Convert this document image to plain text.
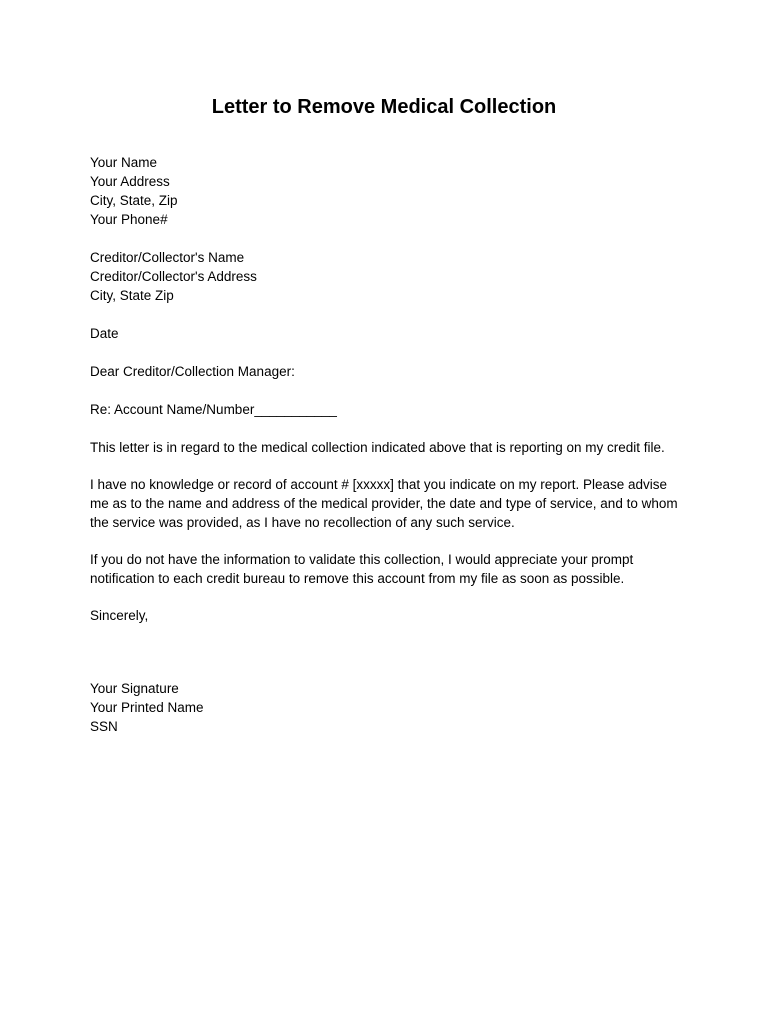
Letter to Remove Medical Collection

Your Name

Your Address

City, State, Zip

Your Phone#

Creditor/Collector's Name

Creditor/Collector's Address

City, State Zip

Date

Dear Creditor/Collection Manager:

Re: Account Name/Number___________

This letter is in regard to the medical collection indicated above that is reporting on my credit file.

I have no knowledge or record of account # [xxxxx] that you indicate on my report. Please advise me as to the name and address of the medical provider, the date and type of service, and to whom the service was provided, as I have no recollection of any such service.

If you do not have the information to validate this collection, I would appreciate your prompt notification to each credit bureau to remove this account from my file as soon as possible.

Sincerely,

Your Signature

Your Printed Name

SSN
